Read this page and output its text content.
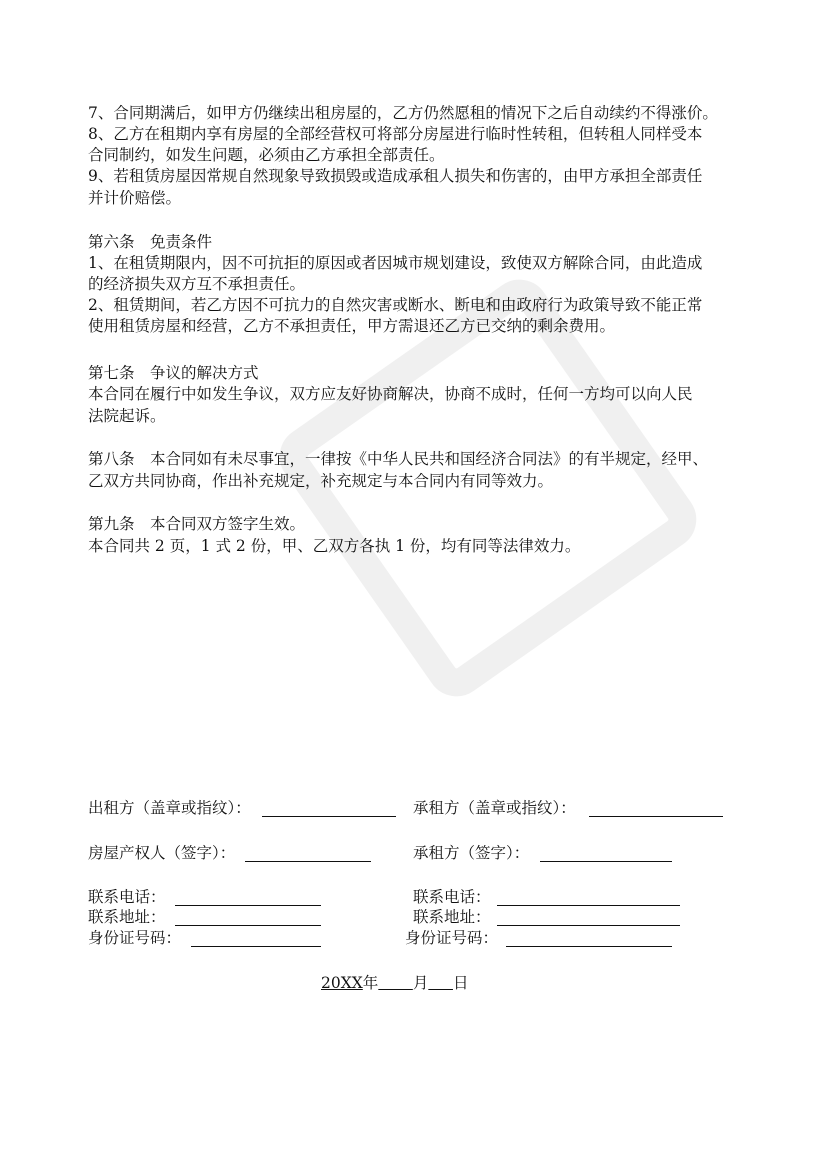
7、合同期满后，如甲方仍继续出租房屋的，乙方仍然愿租的情况下之后自动续约不得涨价。
8、乙方在租期内享有房屋的全部经营权可将部分房屋进行临时性转租，但转租人同样受本
合同制约，如发生问题，必须由乙方承担全部责任。
9、若租赁房屋因常规自然现象导致损毁或造成承租人损失和伤害的，由甲方承担全部责任
并计价赔偿。
第六条　免责条件
1、在租赁期限内，因不可抗拒的原因或者因城市规划建设，致使双方解除合同，由此造成
的经济损失双方互不承担责任。
2、租赁期间，若乙方因不可抗力的自然灾害或断水、断电和由政府行为政策导致不能正常
使用租赁房屋和经营，乙方不承担责任，甲方需退还乙方已交纳的剩余费用。
第七条　争议的解决方式
本合同在履行中如发生争议，双方应友好协商解决，协商不成时，任何一方均可以向人民
法院起诉。
第八条　本合同如有未尽事宜，一律按《中华人民共和国经济合同法》的有半规定，经甲、
乙双方共同协商，作出补充规定，补充规定与本合同内有同等效力。
第九条　本合同双方签字生效。
本合同共 2 页，1 式 2 份，甲、乙双方各执 1 份，均有同等法律效力。
出租方（盖章或指纹）：	承租方（盖章或指纹）：
房屋产权人（签字）：	承租方（签字）：
联系电话：	联系电话：
联系地址：	联系地址：
身份证号码：	身份证号码：
20XX年 月 日
